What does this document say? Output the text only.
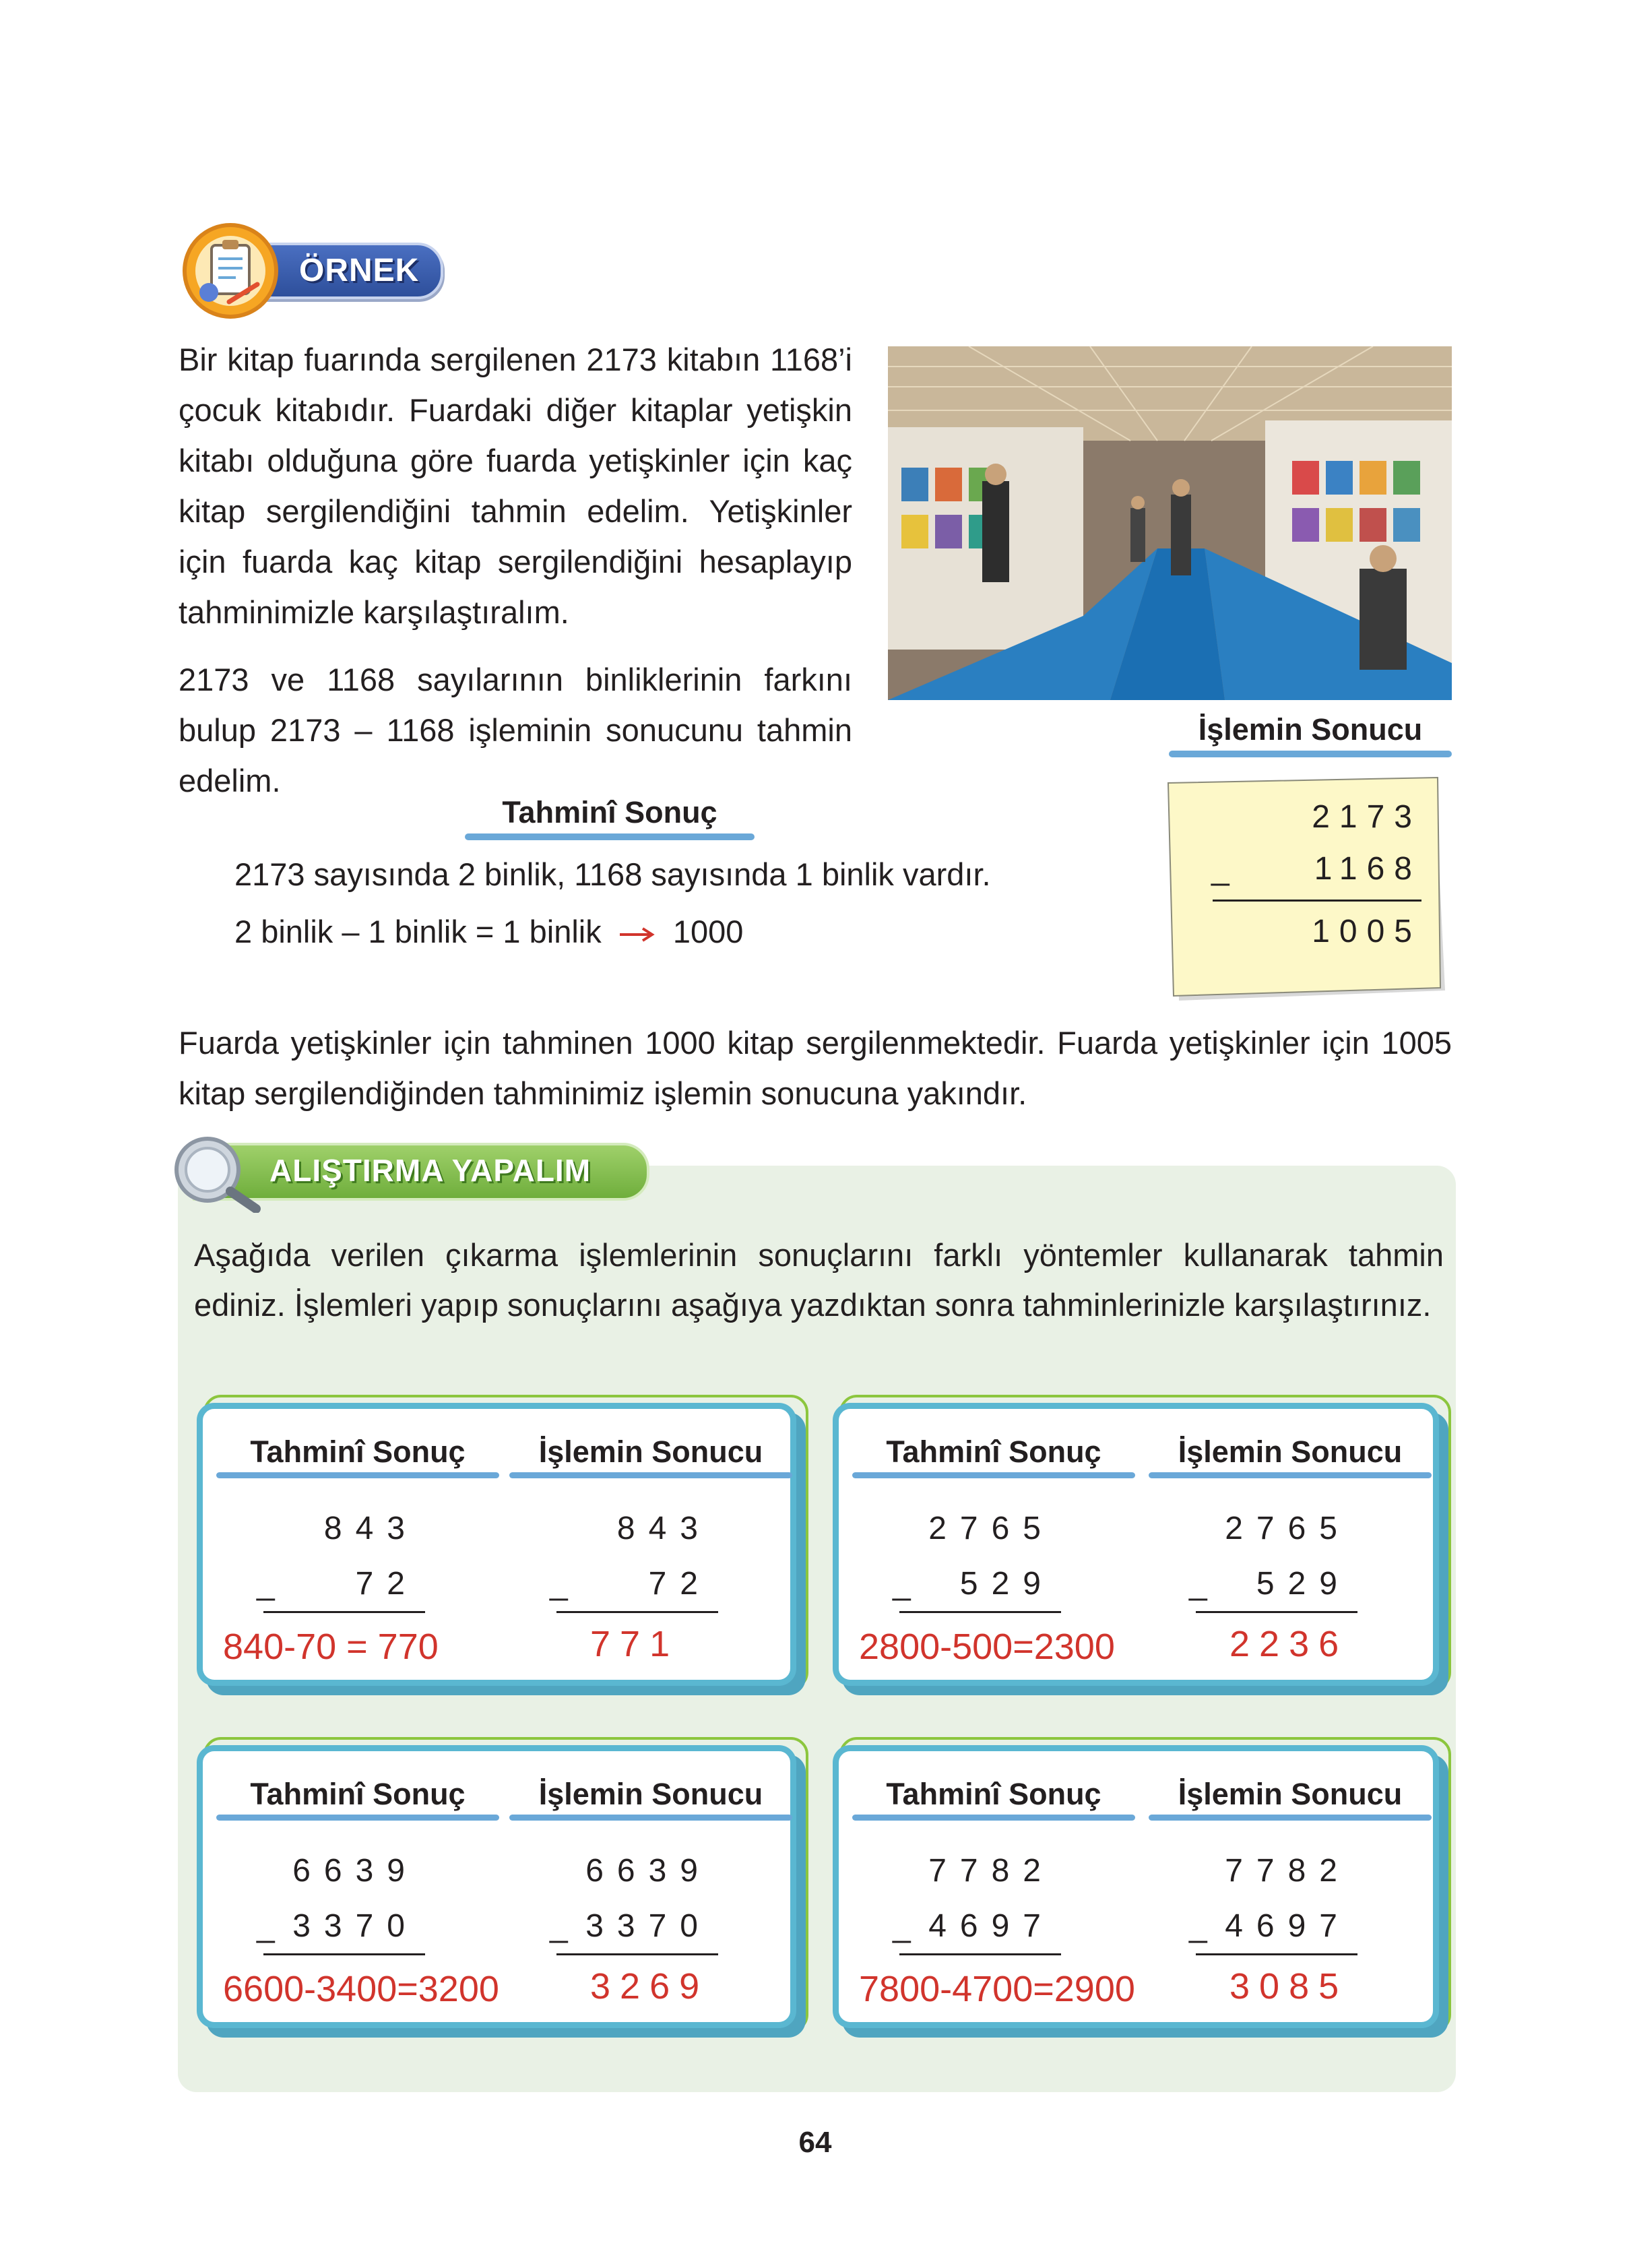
ÖRNEK

Bir kitap fuarında sergilenen 2173 kitabın 1168’i çocuk kitabıdır. Fuardaki diğer kitaplar yetişkin kitabı olduğuna göre fuarda yetişkinler için kaç kitap sergilendiğini tahmin edelim. Yetişkinler için fuarda kaç kitap sergilendiğini hesaplayıp tahminimizle karşılaştıralım.

2173 ve 1168 sayılarının binliklerinin farkını bulup 2173 – 1168 işleminin sonucunu tahmin edelim.

Tahminî Sonuç
2173 sayısında 2 binlik, 1168 sayısında 1 binlik vardır.
2 binlik – 1 binlik = 1 binlik 1000
İşlemin Sonucu
2173
_	1168
1005

Fuarda yetişkinler için tahminen 1000 kitap sergilenmektedir. Fuarda yetişkinler için 1005 kitap sergilendiğinden tahminimiz işlemin sonucuna yakındır.

ALIŞTIRMA YAPALIM

Aşağıda verilen çıkarma işlemlerinin sonuçlarını farklı yöntemler kullanarak tahmin ediniz. İşlemleri yapıp sonuçlarını aşağıya yazdıktan sonra tahminlerinizle karşılaştırınız.

Tahminî Sonuç
843
_	72
840-70 = 770
İşlemin Sonucu
843
_	72
771
Tahminî Sonuç
2765
_	529
2800-500=2300
İşlemin Sonucu
2765
_	529
2236
Tahminî Sonuç
6639
_ 3370
6600-3400=3200
İşlemin Sonucu
6639
_ 3370
3269
Tahminî Sonuç
7782
_ 4697
7800-4700=2900
İşlemin Sonucu
7782
_ 4697
3085
64
